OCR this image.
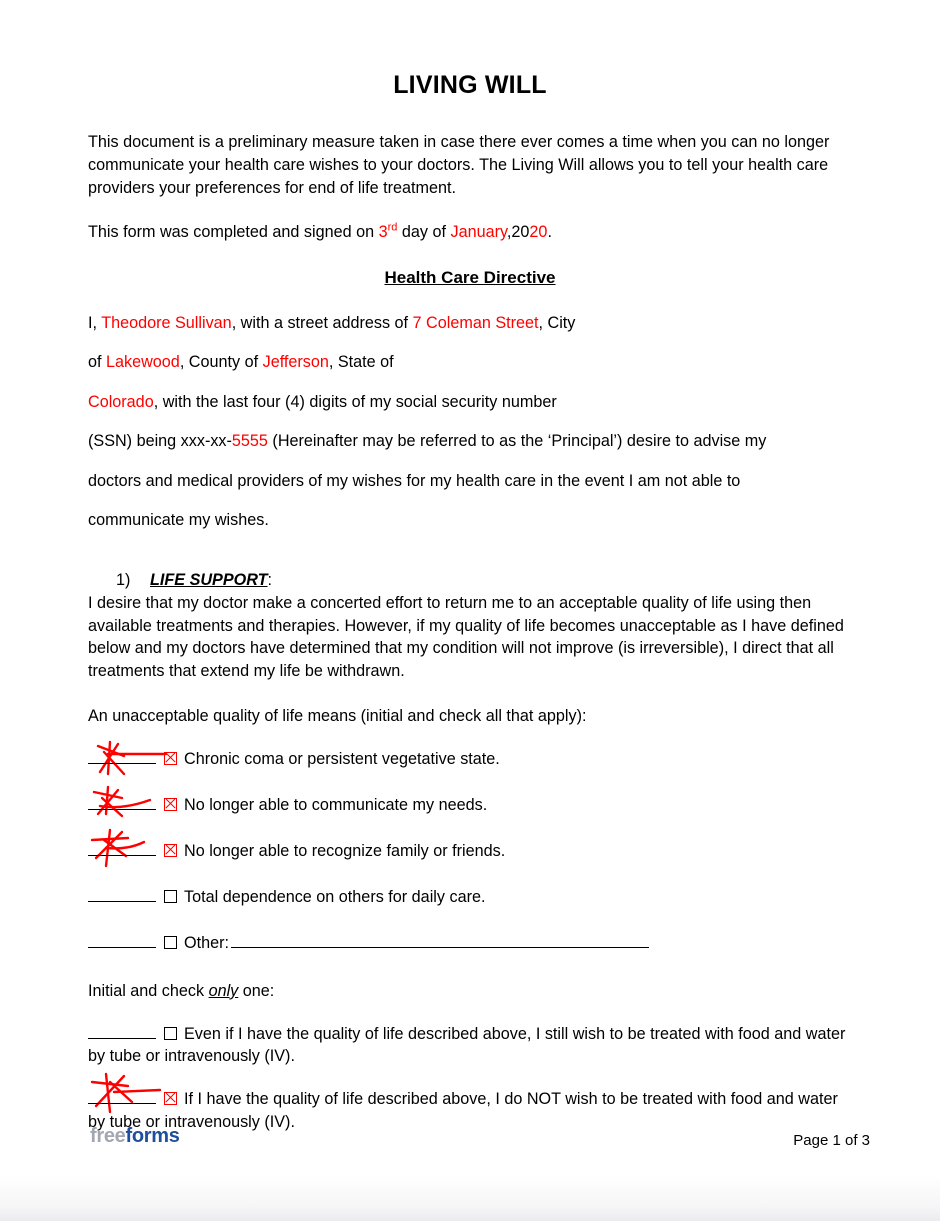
LIVING WILL

This document is a preliminary measure taken in case there ever comes a time when you can no longer communicate your health care wishes to your doctors. The Living Will allows you to tell your health care providers your preferences for end of life treatment.

This form was completed and signed on 3rd day of January,2020.

Health Care Directive

I, Theodore Sullivan, with a street address of 7 Coleman Street, City
of Lakewood, County of Jefferson, State of
Colorado, with the last four (4) digits of my social security number
(SSN) being xxx-xx-5555 (Hereinafter may be referred to as the ‘Principal’) desire to advise my
doctors and medical providers of my wishes for my health care in the event I am not able to
communicate my wishes.

1) LIFE SUPPORT:

I desire that my doctor make a concerted effort to return me to an acceptable quality of life using then available treatments and therapies. However, if my quality of life becomes unacceptable as I have defined below and my doctors have determined that my condition will not improve (is irreversible), I direct that all treatments that extend my life be withdrawn.

An unacceptable quality of life means (initial and check all that apply):

Chronic coma or persistent vegetative state.
No longer able to communicate my needs.
No longer able to recognize family or friends.
Total dependence on others for daily care.
Other:

Initial and check only one:

Even if I have the quality of life described above, I still wish to be treated with food and water by tube or intravenously (IV).
If I have the quality of life described above, I do NOT wish to be treated with food and water by tube or intravenously (IV).
freeforms	Page 1 of 3
